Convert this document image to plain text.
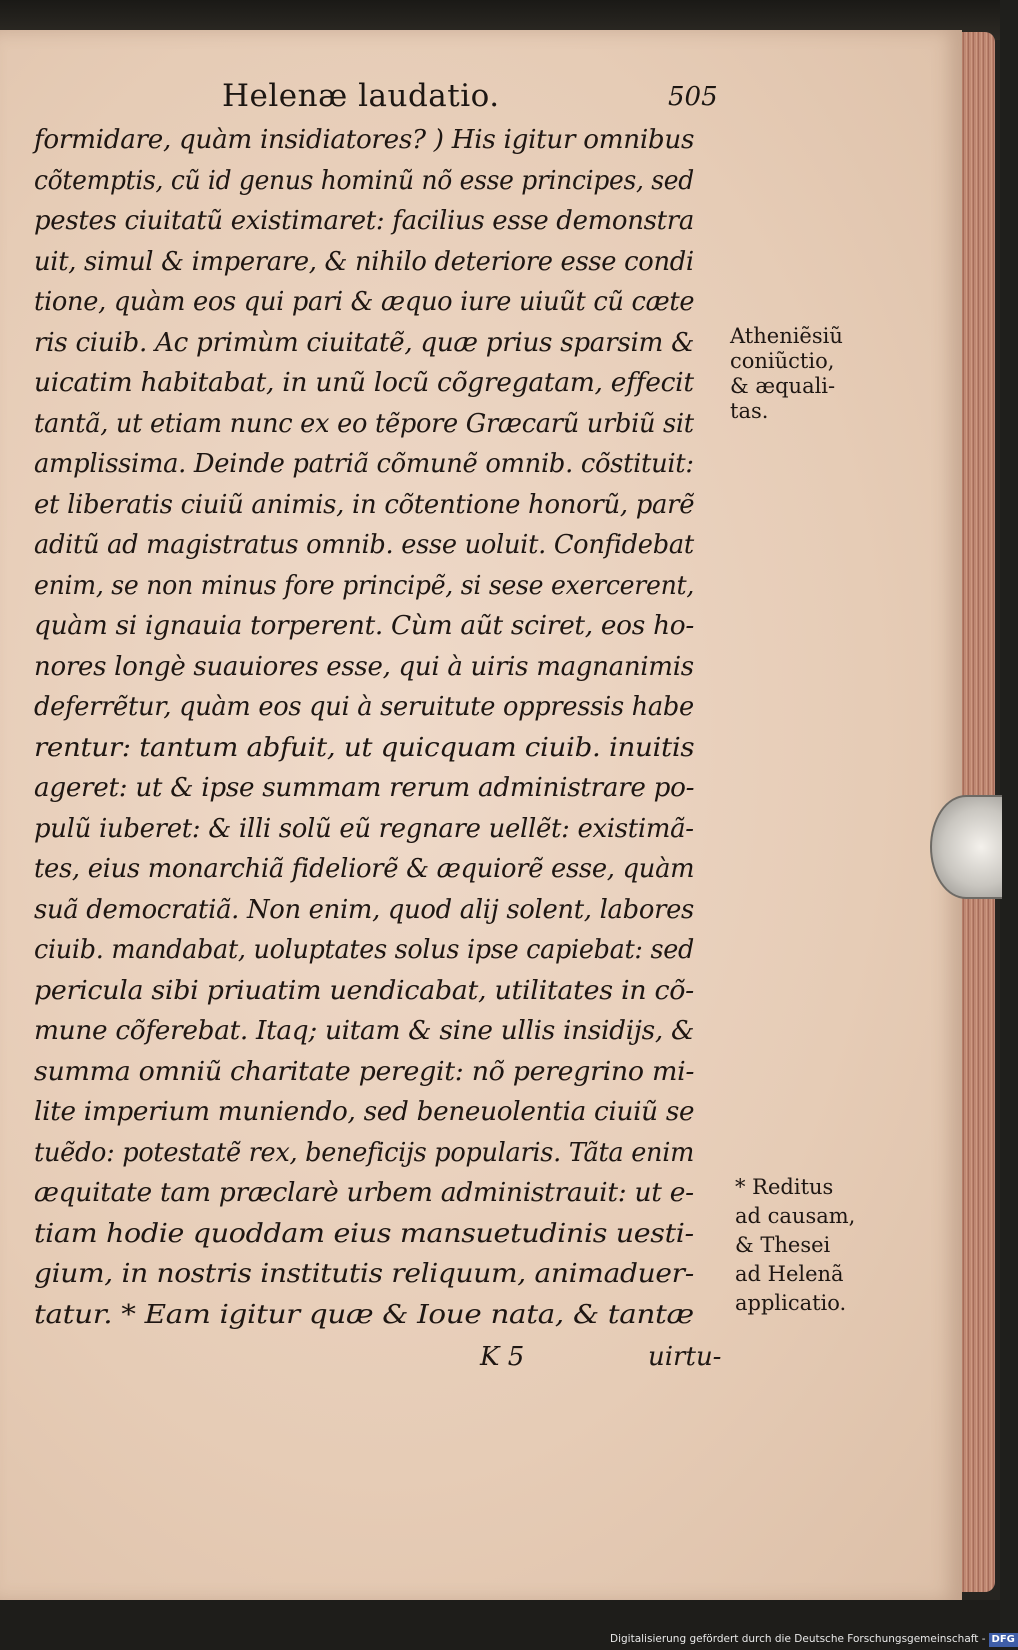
Helenæ laudatio.	505
formidare, quàm insidiatores? ) His igitur omnibus
cõtemptis, cũ id genus hominũ nõ esse principes, sed
pestes ciuitatũ existimaret: facilius esse demonstra
uit, simul & imperare, & nihilo deteriore esse condi
tione, quàm eos qui pari & æquo iure uiuũt cũ cæte
ris ciuib. Ac primùm ciuitatẽ, quæ prius sparsim &
uicatim habitabat, in unũ locũ cõgregatam, effecit
tantã, ut etiam nunc ex eo tẽpore Græcarũ urbiũ sit
amplissima. Deinde patriã cõmunẽ omnib. cõstituit:
et liberatis ciuiũ animis, in cõtentione honorũ, parẽ
aditũ ad magistratus omnib. esse uoluit. Confidebat
enim, se non minus fore principẽ, si sese exercerent,
quàm si ignauia torperent. Cùm aũt sciret, eos ho-
nores longè suauiores esse, qui à uiris magnanimis
deferrẽtur, quàm eos qui à seruitute oppressis habe
rentur: tantum abfuit, ut quicquam ciuib. inuitis
ageret: ut & ipse summam rerum administrare po-
pulũ iuberet: & illi solũ eũ regnare uellẽt: existimã-
tes, eius monarchiã fideliorẽ & æquiorẽ esse, quàm
suã democratiã. Non enim, quod alij solent, labores
ciuib. mandabat, uoluptates solus ipse capiebat: sed
pericula sibi priuatim uendicabat, utilitates in cõ-
mune cõferebat. Itaq; uitam & sine ullis insidijs, &
summa omniũ charitate peregit: nõ peregrino mi-
lite imperium muniendo, sed beneuolentia ciuiũ se
tuẽdo: potestatẽ rex, beneficijs popularis. Tãta enim
æquitate tam præclarè urbem administrauit: ut e-
tiam hodie quoddam eius mansuetudinis uesti-
gium, in nostris institutis reliquum, animaduer-
tatur. * Eam igitur quæ & Ioue nata, & tantæ
Atheniẽsiũ
coniũctio,
& æquali-
tas.
* Reditus
ad causam,
& Thesei
ad Helenã
applicatio.
K 5	uirtu-
Digitalisierung gefördert durch die Deutsche Forschungsgemeinschaft - DFG
